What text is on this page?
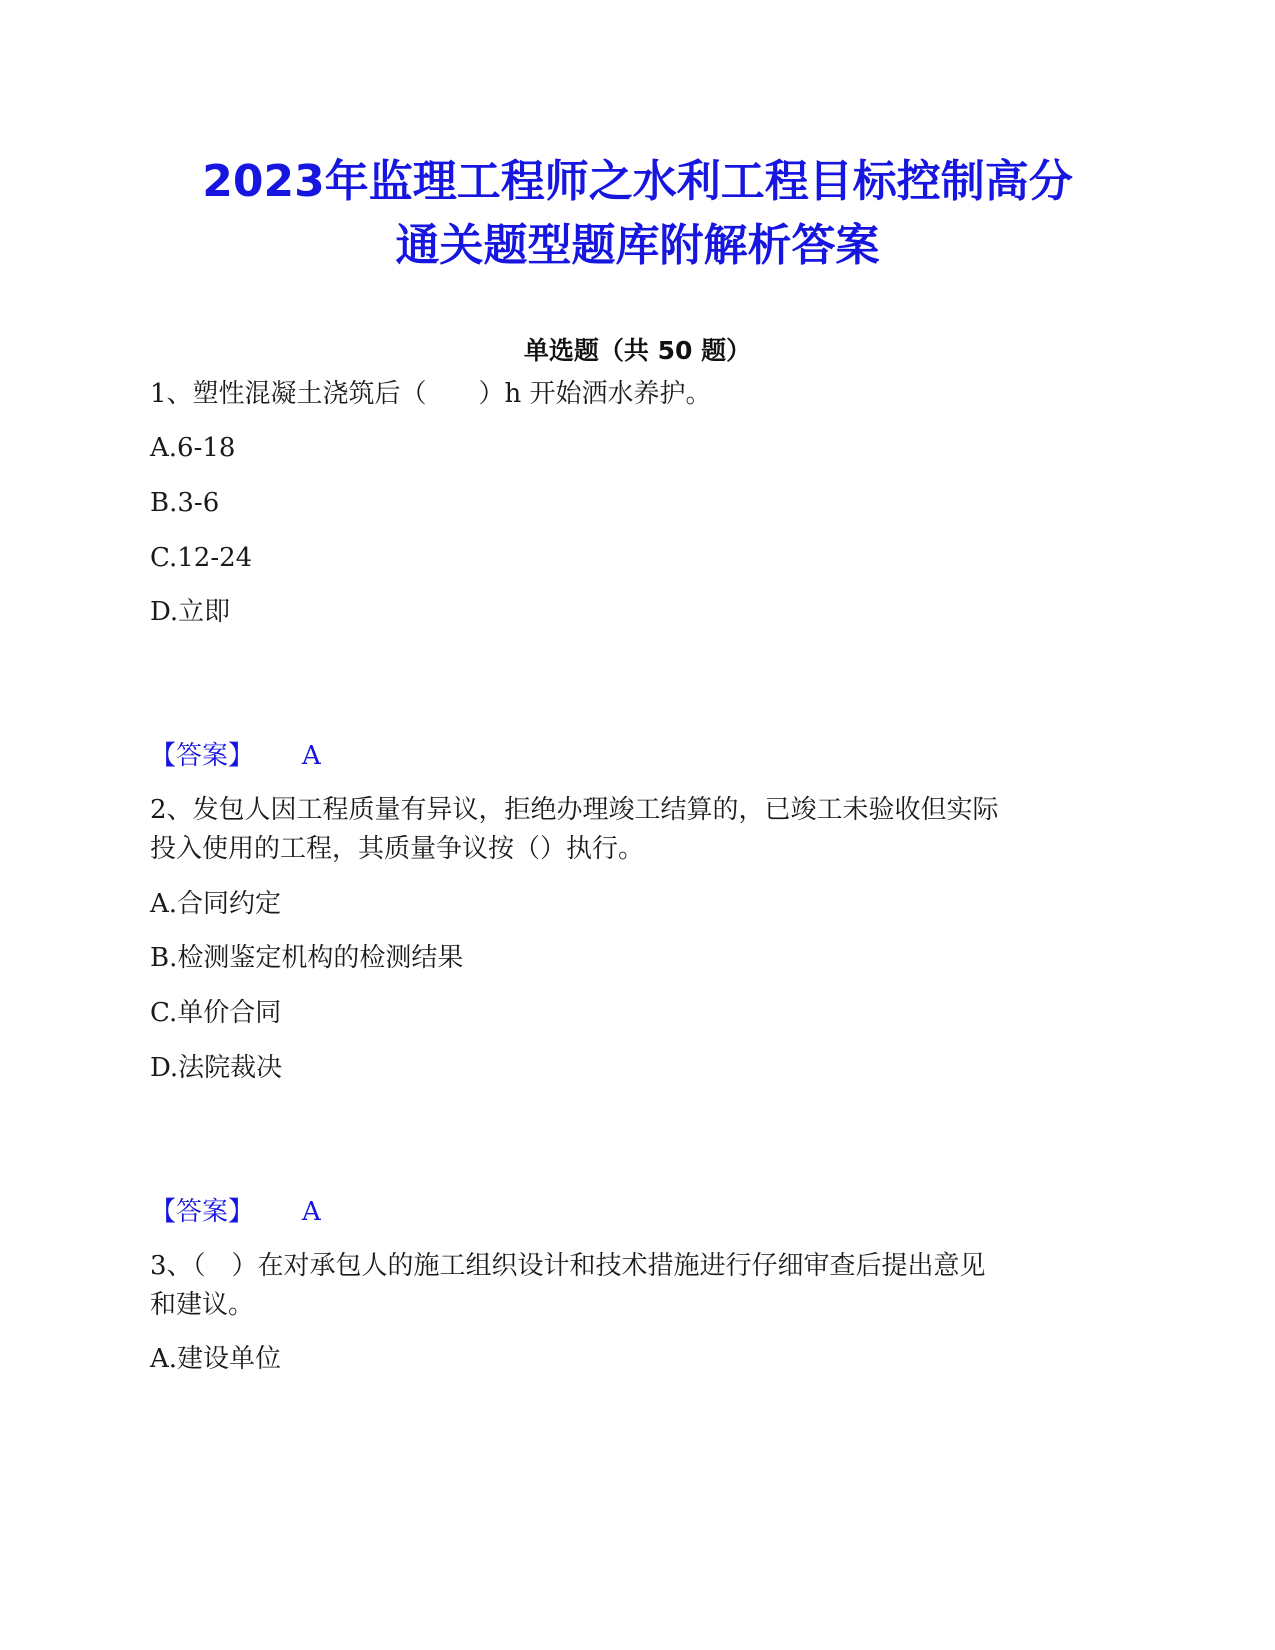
2023年监理工程师之水利工程目标控制高分
通关题型题库附解析答案
单选题（共 50 题）
1、塑性混凝土浇筑后（　　）h 开始洒水养护。
A.6-18
B.3-6
C.12-24
D.立即
【答案】 A
2、发包人因工程质量有异议，拒绝办理竣工结算的，已竣工未验收但实际
投入使用的工程，其质量争议按（）执行。
A.合同约定
B.检测鉴定机构的检测结果
C.单价合同
D.法院裁决
【答案】 A
3、（　）在对承包人的施工组织设计和技术措施进行仔细审查后提出意见
和建议。
A.建设单位
